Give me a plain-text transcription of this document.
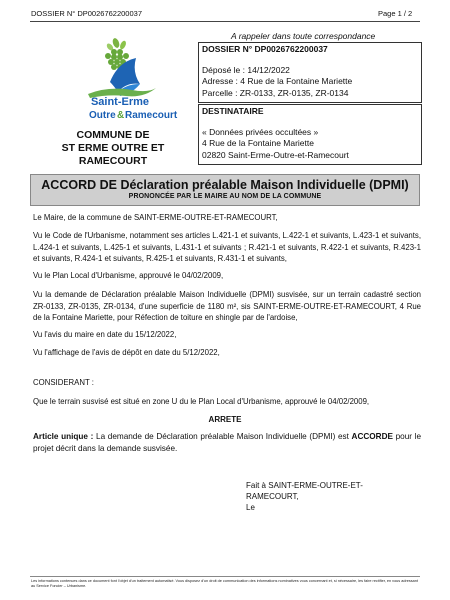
DOSSIER N° DP0026762200037	Page 1 / 2
Saint-Erme
Outre & Ramecourt
A rappeler dans toute correspondance
DOSSIER N° DP0026762200037
Déposé le : 14/12/2022
Adresse : 4 Rue de la Fontaine Mariette
Parcelle : ZR-0133, ZR-0135, ZR-0134
DESTINATAIRE
« Données privées occultées »
4 Rue de la Fontaine Mariette
02820 Saint-Erme-Outre-et-Ramecourt
COMMUNE DE
ST ERME OUTRE ET
RAMECOURT
ACCORD DE Déclaration préalable Maison Individuelle (DPMI)
PRONONCÉE PAR LE MAIRE AU NOM DE LA COMMUNE
Le Maire, de la commune de SAINT-ERME-OUTRE-ET-RAMECOURT,
Vu le Code de l'Urbanisme, notamment ses articles L.421-1 et suivants, L.422-1 et suivants, L.423-1 et suivants, L.424-1 et suivants, L.425-1 et suivants, L.431-1 et suivants ; R.421-1 et suivants, R.422-1 et suivants, R.423-1 et suivants, R.424-1 et suivants, R.425-1 et suivants, R.431-1 et suivants,
Vu le Plan Local d'Urbanisme, approuvé le 04/02/2009,
Vu la demande de Déclaration préalable Maison Individuelle (DPMI) susvisée, sur un terrain cadastré section ZR-0133, ZR-0135, ZR-0134, d'une superficie de 1180 m², sis SAINT-ERME-OUTRE-ET-RAMECOURT, 4 Rue de la Fontaine Mariette, pour Réfection de toiture en shingle par de l'ardoise,
Vu l'avis du maire en date du 15/12/2022,
Vu l'affichage de l'avis de dépôt en date du 5/12/2022,
CONSIDERANT :
Que le terrain susvisé est situé en zone U du le Plan Local d'Urbanisme, approuvé le 04/02/2009,
ARRETE
Article unique : La demande de Déclaration préalable Maison Individuelle (DPMI) est ACCORDE pour le projet décrit dans la demande susvisée.
Fait à SAINT-ERME-OUTRE-ET-
RAMECOURT,
Le
Les informations contenues dans ce document font l'objet d'un traitement automatisé. Vous disposez d'un droit de communication des informations nominatives vous concernant et, si nécessaire, les faire rectifier, en vous adressant au Service Foncier – Urbanisme.
